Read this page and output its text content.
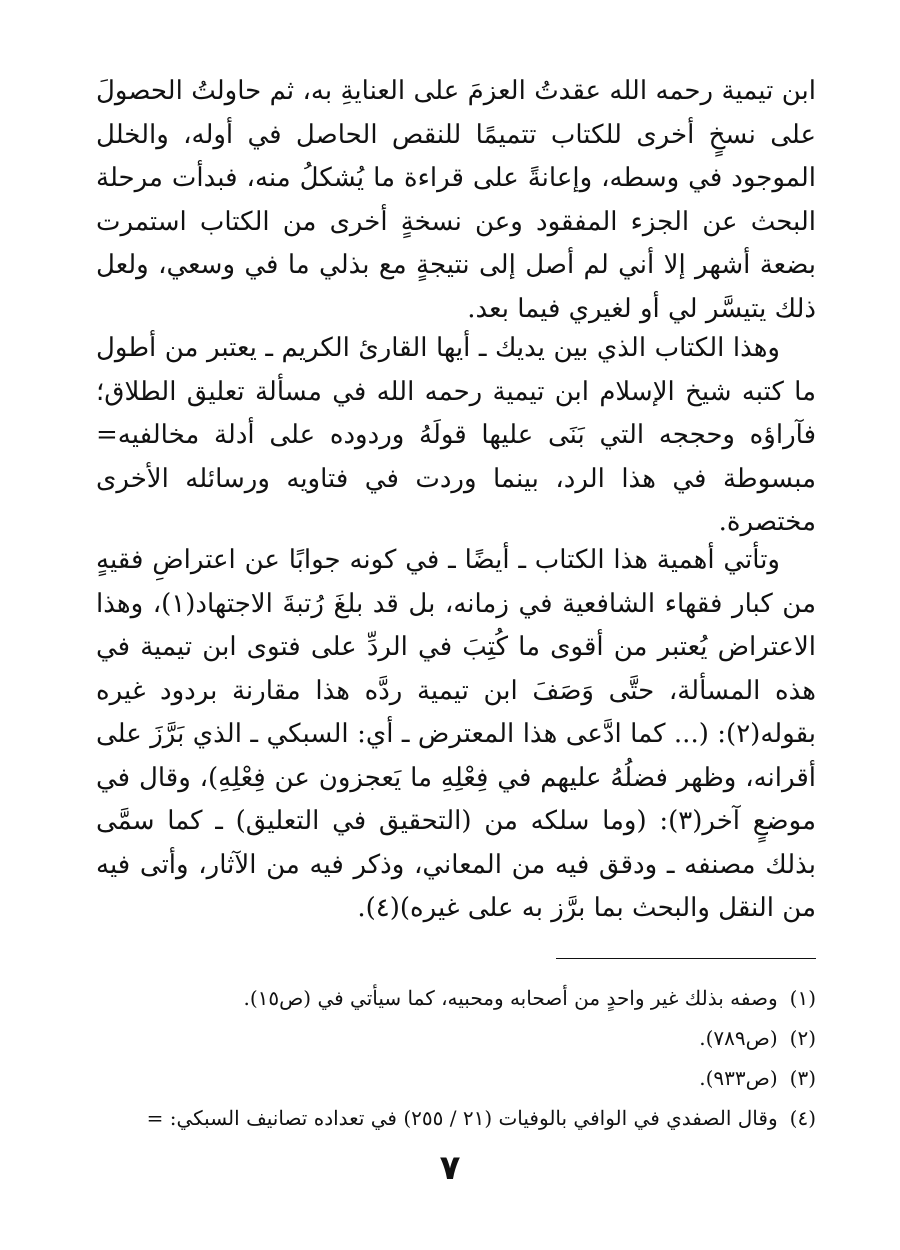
ابن تيمية رحمه الله عقدتُ العزمَ على العنايةِ به، ثم حاولتُ الحصولَ على نسخٍ أخرى للكتاب تتميمًا للنقص الحاصل في أوله، والخلل الموجود في وسطه، وإعانةً على قراءة ما يُشكلُ منه، فبدأت مرحلة البحث عن الجزء المفقود وعن نسخةٍ أخرى من الكتاب استمرت بضعة أشهر إلا أني لم أصل إلى نتيجةٍ مع بذلي ما في وسعي، ولعل ذلك يتيسَّر لي أو لغيري فيما بعد.

وهذا الكتاب الذي بين يديك ـ أيها القارئ الكريم ـ يعتبر من أطول ما كتبه شيخ الإسلام ابن تيمية رحمه الله في مسألة تعليق الطلاق؛ فآراؤه وحججه التي بَنَى عليها قولَهُ وردوده على أدلة مخالفيه= مبسوطة في هذا الرد، بينما وردت في فتاويه ورسائله الأخرى مختصرة.

وتأتي أهمية هذا الكتاب ـ أيضًا ـ في كونه جوابًا عن اعتراضِ فقيهٍ من كبار فقهاء الشافعية في زمانه، بل قد بلغَ رُتبةَ الاجتهاد(١)، وهذا الاعتراض يُعتبر من أقوى ما كُتِبَ في الردِّ على فتوى ابن تيمية في هذه المسألة، حتَّى وَصَفَ ابن تيمية ردَّه هذا مقارنة بردود غيره بقوله(٢): (... كما ادَّعى هذا المعترض ـ أي: السبكي ـ الذي بَرَّزَ على أقرانه، وظهر فضلُهُ عليهم في فِعْلِهِ ما يَعجزون عن فِعْلِهِ)، وقال في موضعٍ آخر(٣): (وما سلكه من (التحقيق في التعليق) ـ كما سمَّى بذلك مصنفه ـ ودقق فيه من المعاني، وذكر فيه من الآثار، وأتى فيه من النقل والبحث بما برَّز به على غيره)(٤).

(١)وصفه بذلك غير واحدٍ من أصحابه ومحبيه، كما سيأتي في (ص١٥).

(٢)(ص٧٨٩).

(٣)(ص٩٣٣).

(٤)وقال الصفدي في الوافي بالوفيات (٢١ / ٢٥٥) في تعداده تصانيف السبكي: =

٧
